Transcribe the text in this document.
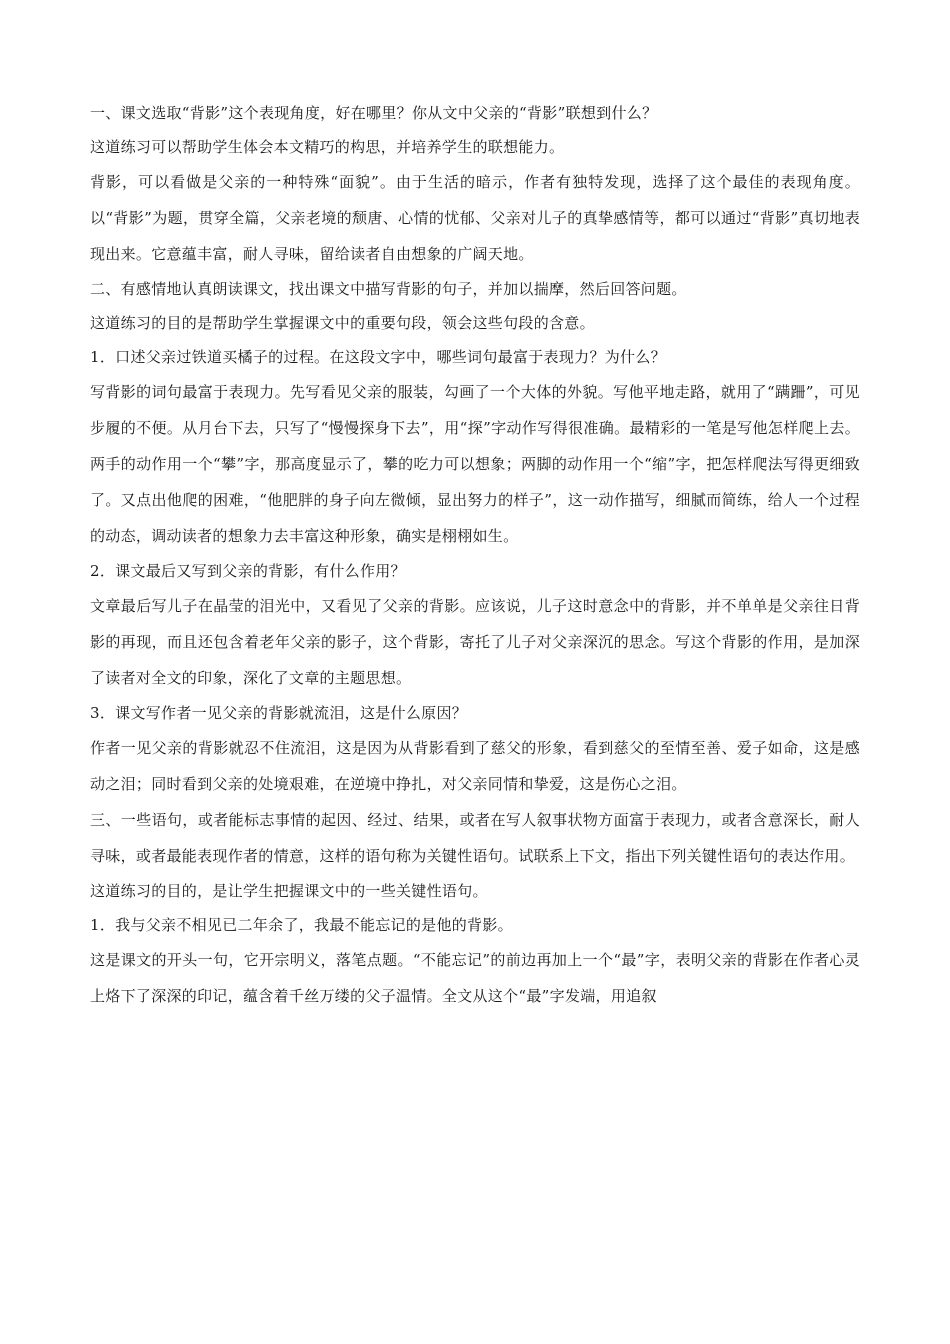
一、课文选取“背影”这个表现角度，好在哪里？你从文中父亲的“背影”联想到什么？

这道练习可以帮助学生体会本文精巧的构思，并培养学生的联想能力。

背影，可以看做是父亲的一种特殊“面貌”。由于生活的暗示，作者有独特发现，选择了这个最佳的表现角度。以“背影”为题，贯穿全篇，父亲老境的颓唐、心情的忧郁、父亲对儿子的真挚感情等，都可以通过“背影”真切地表现出来。它意蕴丰富，耐人寻味，留给读者自由想象的广阔天地。

二、有感情地认真朗读课文，找出课文中描写背影的句子，并加以揣摩，然后回答问题。

这道练习的目的是帮助学生掌握课文中的重要句段，领会这些句段的含意。

1．口述父亲过铁道买橘子的过程。在这段文字中，哪些词句最富于表现力？为什么？

写背影的词句最富于表现力。先写看见父亲的服装，勾画了一个大体的外貌。写他平地走路，就用了“蹒跚”，可见步履的不便。从月台下去，只写了“慢慢探身下去”，用“探”字动作写得很准确。最精彩的一笔是写他怎样爬上去。两手的动作用一个“攀”字，那高度显示了，攀的吃力可以想象；两脚的动作用一个“缩”字，把怎样爬法写得更细致了。又点出他爬的困难，“他肥胖的身子向左微倾，显出努力的样子”，这一动作描写，细腻而简练，给人一个过程的动态，调动读者的想象力去丰富这种形象，确实是栩栩如生。

2．课文最后又写到父亲的背影，有什么作用？

文章最后写儿子在晶莹的泪光中，又看见了父亲的背影。应该说，儿子这时意念中的背影，并不单单是父亲往日背影的再现，而且还包含着老年父亲的影子，这个背影，寄托了儿子对父亲深沉的思念。写这个背影的作用，是加深了读者对全文的印象，深化了文章的主题思想。

3．课文写作者一见父亲的背影就流泪，这是什么原因？

作者一见父亲的背影就忍不住流泪，这是因为从背影看到了慈父的形象，看到慈父的至情至善、爱子如命，这是感动之泪；同时看到父亲的处境艰难，在逆境中挣扎，对父亲同情和挚爱，这是伤心之泪。

三、一些语句，或者能标志事情的起因、经过、结果，或者在写人叙事状物方面富于表现力，或者含意深长，耐人寻味，或者最能表现作者的情意，这样的语句称为关键性语句。试联系上下文，指出下列关键性语句的表达作用。

这道练习的目的，是让学生把握课文中的一些关键性语句。

1．我与父亲不相见已二年余了，我最不能忘记的是他的背影。

这是课文的开头一句，它开宗明义，落笔点题。“不能忘记”的前边再加上一个“最”字，表明父亲的背影在作者心灵上烙下了深深的印记，蕴含着千丝万缕的父子温情。全文从这个“最”字发端，用追叙
